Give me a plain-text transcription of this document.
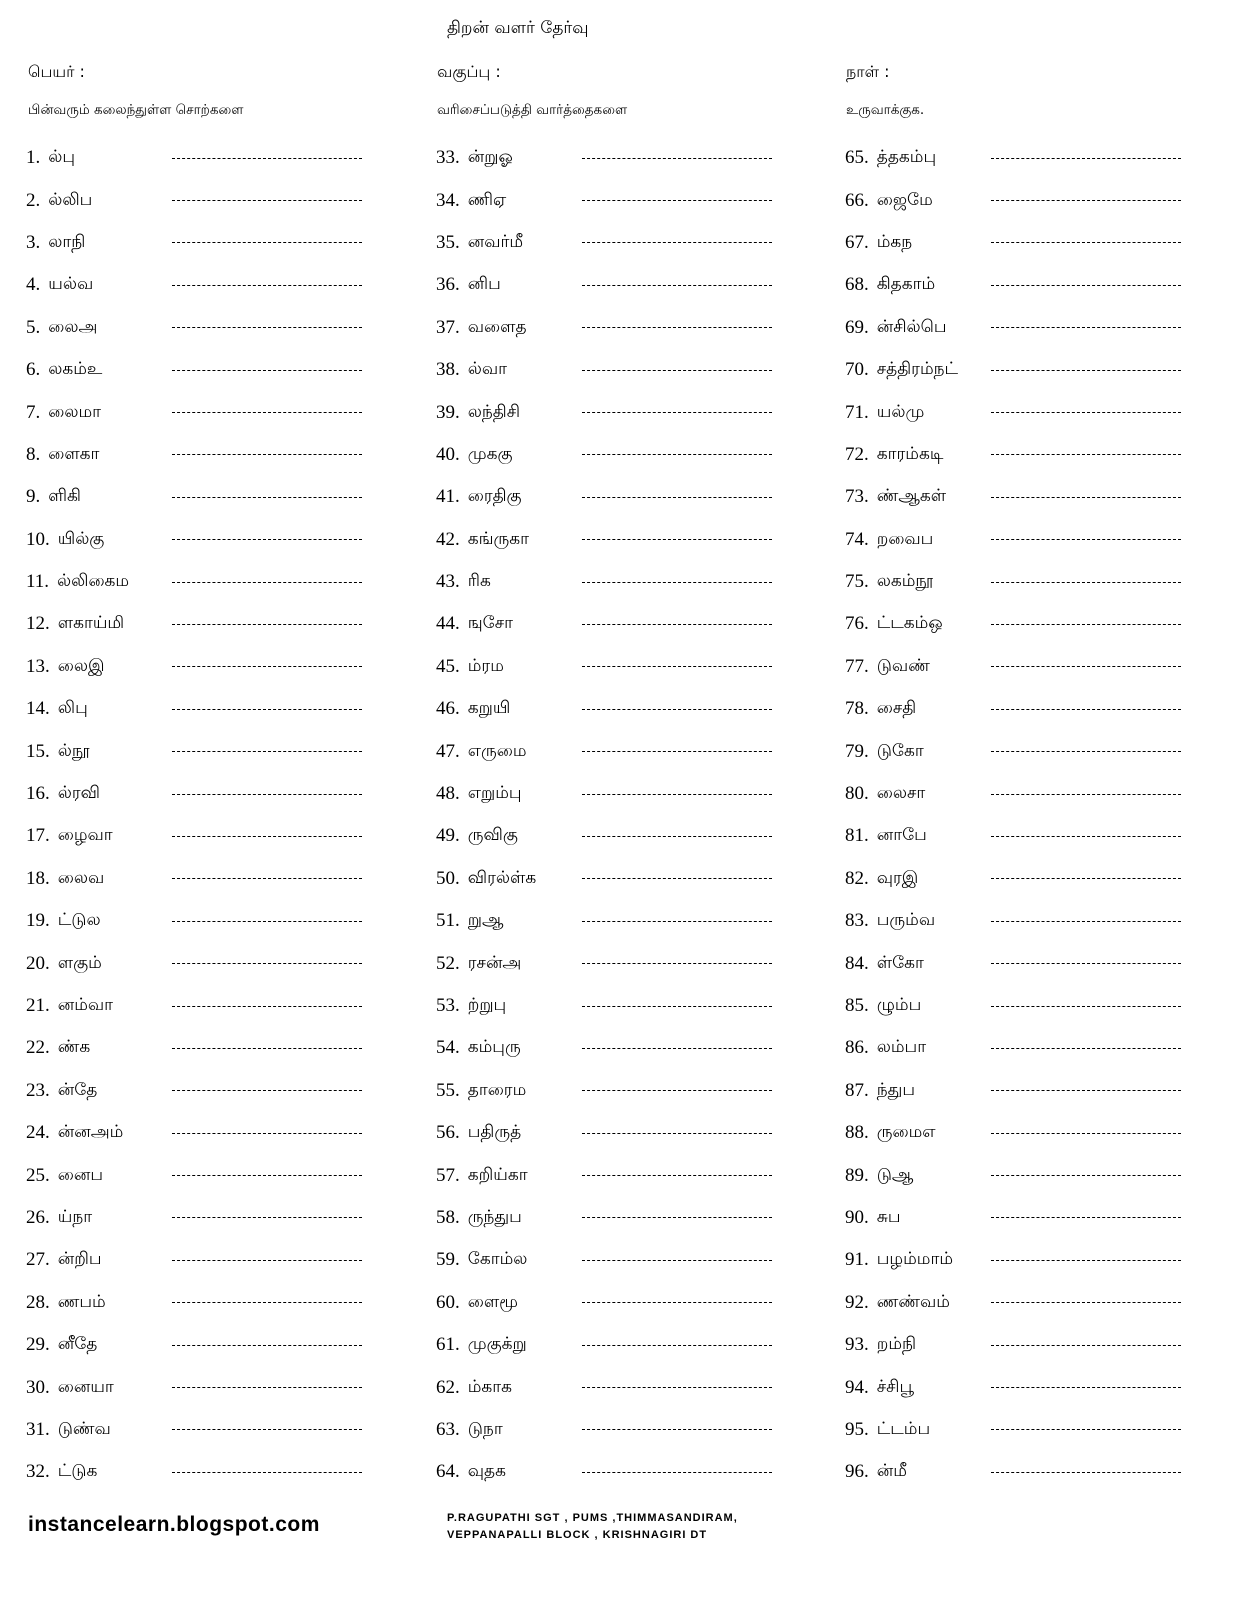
திறன் வளர் தேர்வு
பெயர் :	வகுப்பு :	நாள் :
பின்வரும் கலைந்துள்ள சொற்களை	வரிசைப்படுத்தி வார்த்தைகளை	உருவாக்குக.
1. ல்பு
2. ல்லிப
3. லாநி
4. யல்வ
5. லைஅ
6. லகம்உ
7. லைமா
8. ளைகா
9. ளிகி
10. யில்கு
11. ல்லிகைம
12. ளகாய்மி
13. லைஇ
14. லிபு
15. ல்நூ
16. ல்ரவி
17. ழைவா
18. லைவ
19. ட்டுல
20. ளகும்
21. னம்வா
22. ண்க
23. ன்தே
24. ன்னஅம்
25. னைப
26. ய்நா
27. ன்றிப
28. ணபம்
29. னீதே
30. னையா
31. டுண்வ
32. ட்டுக
33. ன்றுஓ
34. ணிஏ
35. னவர்மீ
36. னிப
37. வளைத
38. ல்வா
39. லந்திசி
40. முககு
41. ரைதிகு
42. கங்ருகா
43. ரிக
44. ஙுசோ
45. ம்ரம
46. கறுயி
47. எருமை
48. எறும்பு
49. ருவிகு
50. விரல்ள்க
51. றுஆ
52. ரசன்அ
53. ற்றுபு
54. கம்புரு
55. தாரைம
56. பதிருத்
57. கறிய்கா
58. ருந்துப
59. கோம்ல
60. ளைமூ
61. முகுக்று
62. ம்காக
63. டுநா
64. வுதக
65. த்தகம்பு
66. ஜைமே
67. ம்கந
68. கிதகாம்
69. ன்சில்பெ
70. சத்திரம்நட்
71. யல்மு
72. காரம்கடி
73. ண்ஆகள்
74. றவைப
75. லகம்நூ
76. ட்டகம்ஒ
77. டுவண்
78. சைதி
79. டுகோ
80. லைசா
81. னாபே
82. வுரஇ
83. பரும்வ
84. ள்கோ
85. ழும்ப
86. லம்பா
87. ந்துப
88. ருமைஎ
89. டுஆ
90. சுப
91. பழம்மாம்
92. ணண்வம்
93. றம்நி
94. ச்சிபூ
95. ட்டம்ப
96. ன்மீ
instancelearn.blogspot.com	P.RAGUPATHI SGT , PUMS ,THIMMASANDIRAM,
VEPPANAPALLI BLOCK , KRISHNAGIRI DT
